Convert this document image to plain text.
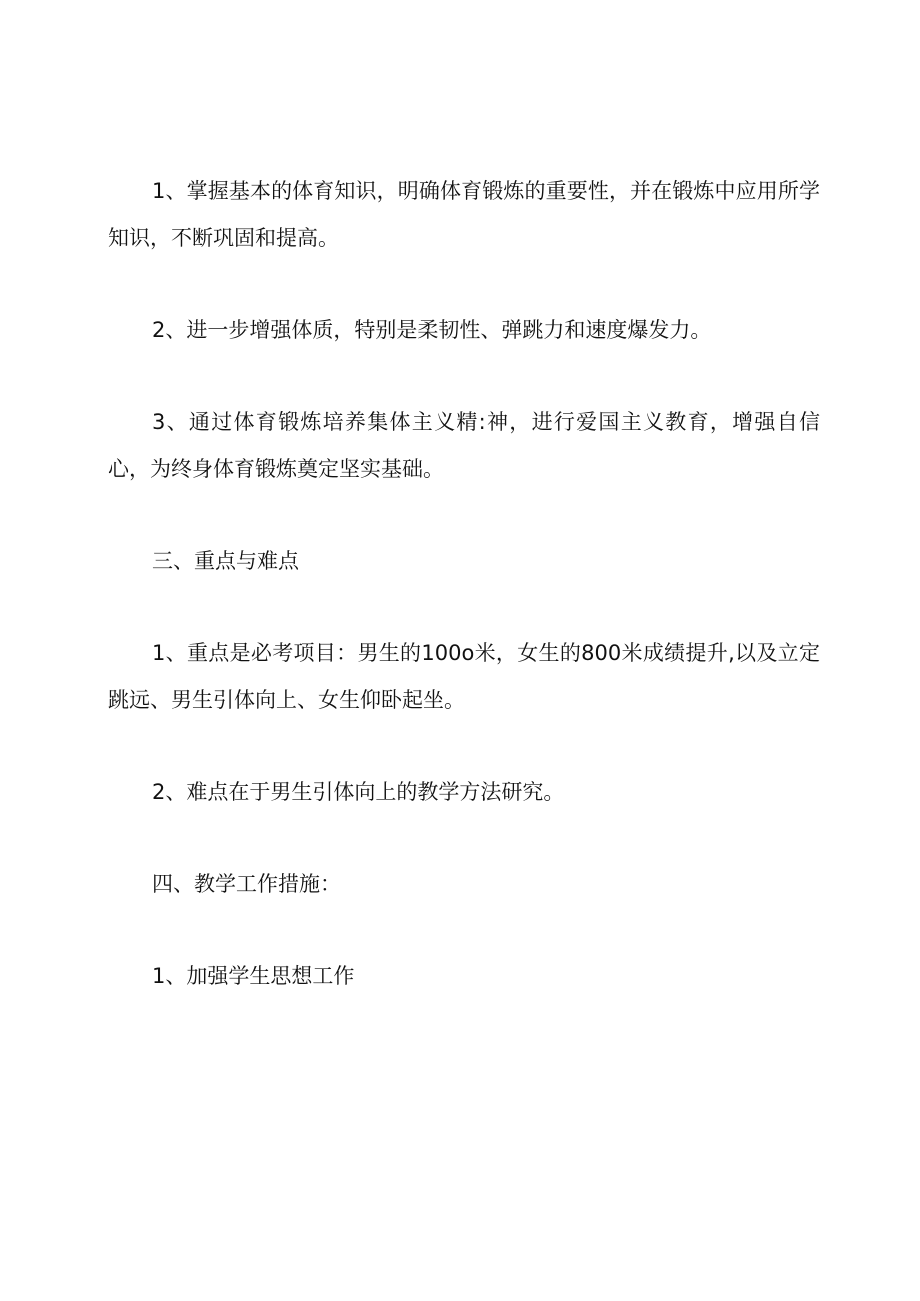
1、掌握基本的体育知识，明确体育锻炼的重要性，并在锻炼中应用所学知识，不断巩固和提高。

2、进一步增强体质，特别是柔韧性、弹跳力和速度爆发力。

3、通过体育锻炼培养集体主义精:神，进行爱国主义教育，增强自信心，为终身体育锻炼奠定坚实基础。

三、重点与难点

1、重点是必考项目：男生的100o米，女生的800米成绩提升,以及立定跳远、男生引体向上、女生仰卧起坐。

2、难点在于男生引体向上的教学方法研究。

四、教学工作措施：

1、加强学生思想工作
